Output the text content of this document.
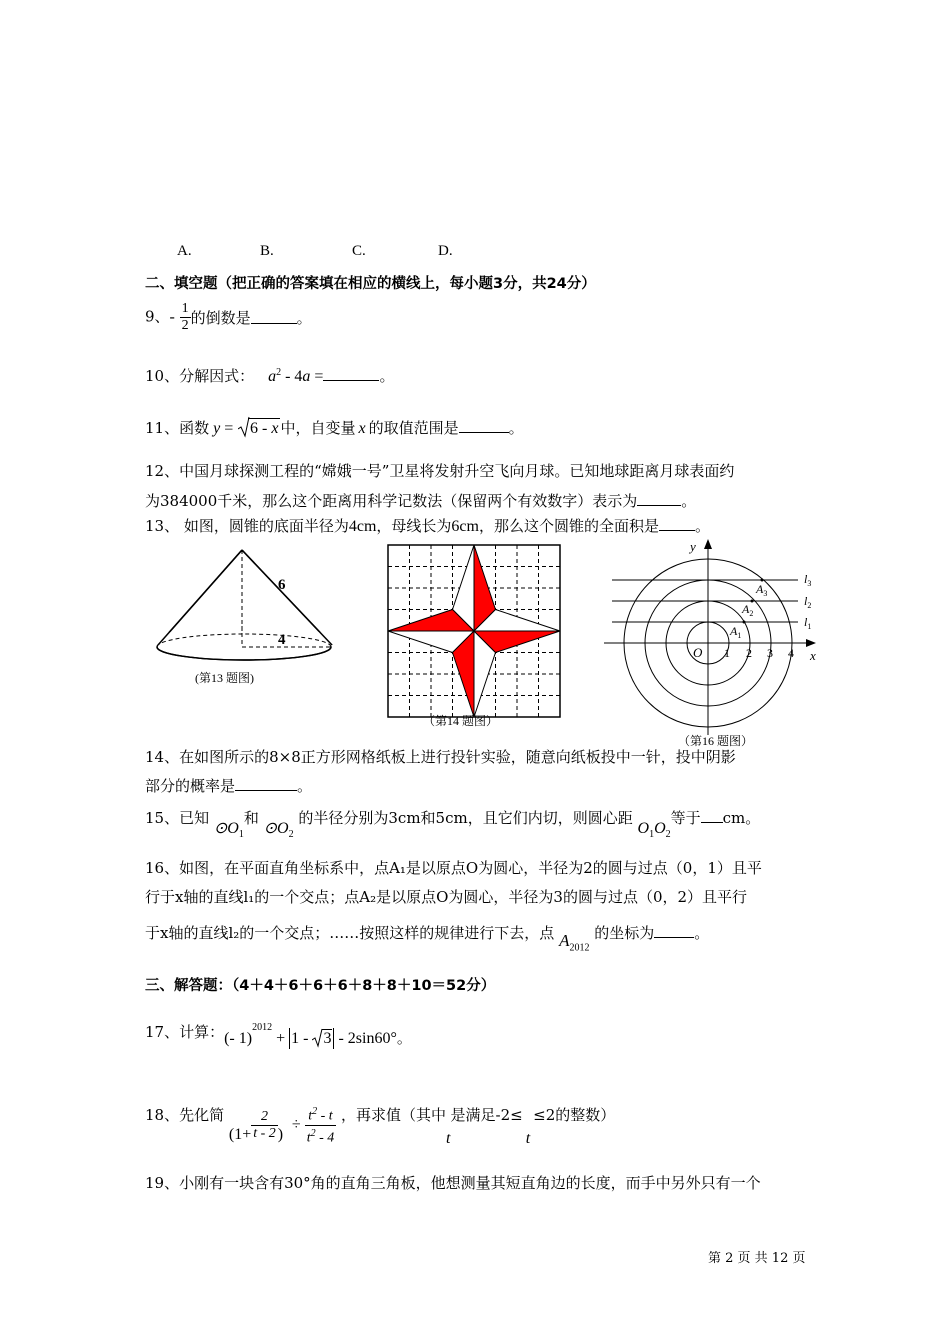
A.	B.	C.	D.
二、填空题（把正确的答案填在相应的横线上，每小题3分，共24分）
9、- $\frac{1}{2}$ 的倒数是	。
10、分解因式： $a^2 - 4a$ =	。
11、函数 y = 6 - x 中，自变量 x 的取值范围是	。
12、中国月球探测工程的“嫦娥一号”卫星将发射升空飞向月球。已知地球距离月球表面约
为384000千米，那么这个距离用科学记数法（保留两个有效数字）表示为	。
13、 如图，圆锥的底面半径为4cm，母线长为6cm，那么这个圆锥的全面积是 。
6
4
(第13 题图)
（第14 题图）
y
x
O 1 2 3 4
$l_1$
$l_2$
$l_3$
$A_1$
$A_2$
$A_3$
（第16 题图）
14、在如图所示的8×8正方形网格纸板上进行投针实验，随意向纸板投中一针，投中阴影
部分的概率是	。
15、已知 $⊙O_1$和 $⊙O_2$ 的半径分别为3cm和5cm，且它们内切，则圆心距 $O_1O_2$等于 cm。
16、如图，在平面直角坐标系中，点A₁是以原点O为圆心，半径为2的圆与过点（0，1）且平
行于x轴的直线l₁的一个交点；点A₂是以原点O为圆心，半径为3的圆与过点（0，2）且平行
于x轴的直线l₂的一个交点；……按照这样的规律进行下去，点 $A_{2012}$ 的坐标为	。
三、解答题：（4＋4＋6＋6＋6＋8＋8＋10＝52分）
17、计算：(- 1)$^{2012}$ + 1 -
3 - 2sin60°。
18、先化简 ($1+ \frac{2}{t - 2}$ ) ÷ $\frac{t^2 - t}{t^2 - 4}$ ，再求值（其中t是满足-2≤t≤2的整数）
19、小刚有一块含有30°角的直角三角板，他想测量其短直角边的长度，而手中另外只有一个
第 2 页 共 12 页
